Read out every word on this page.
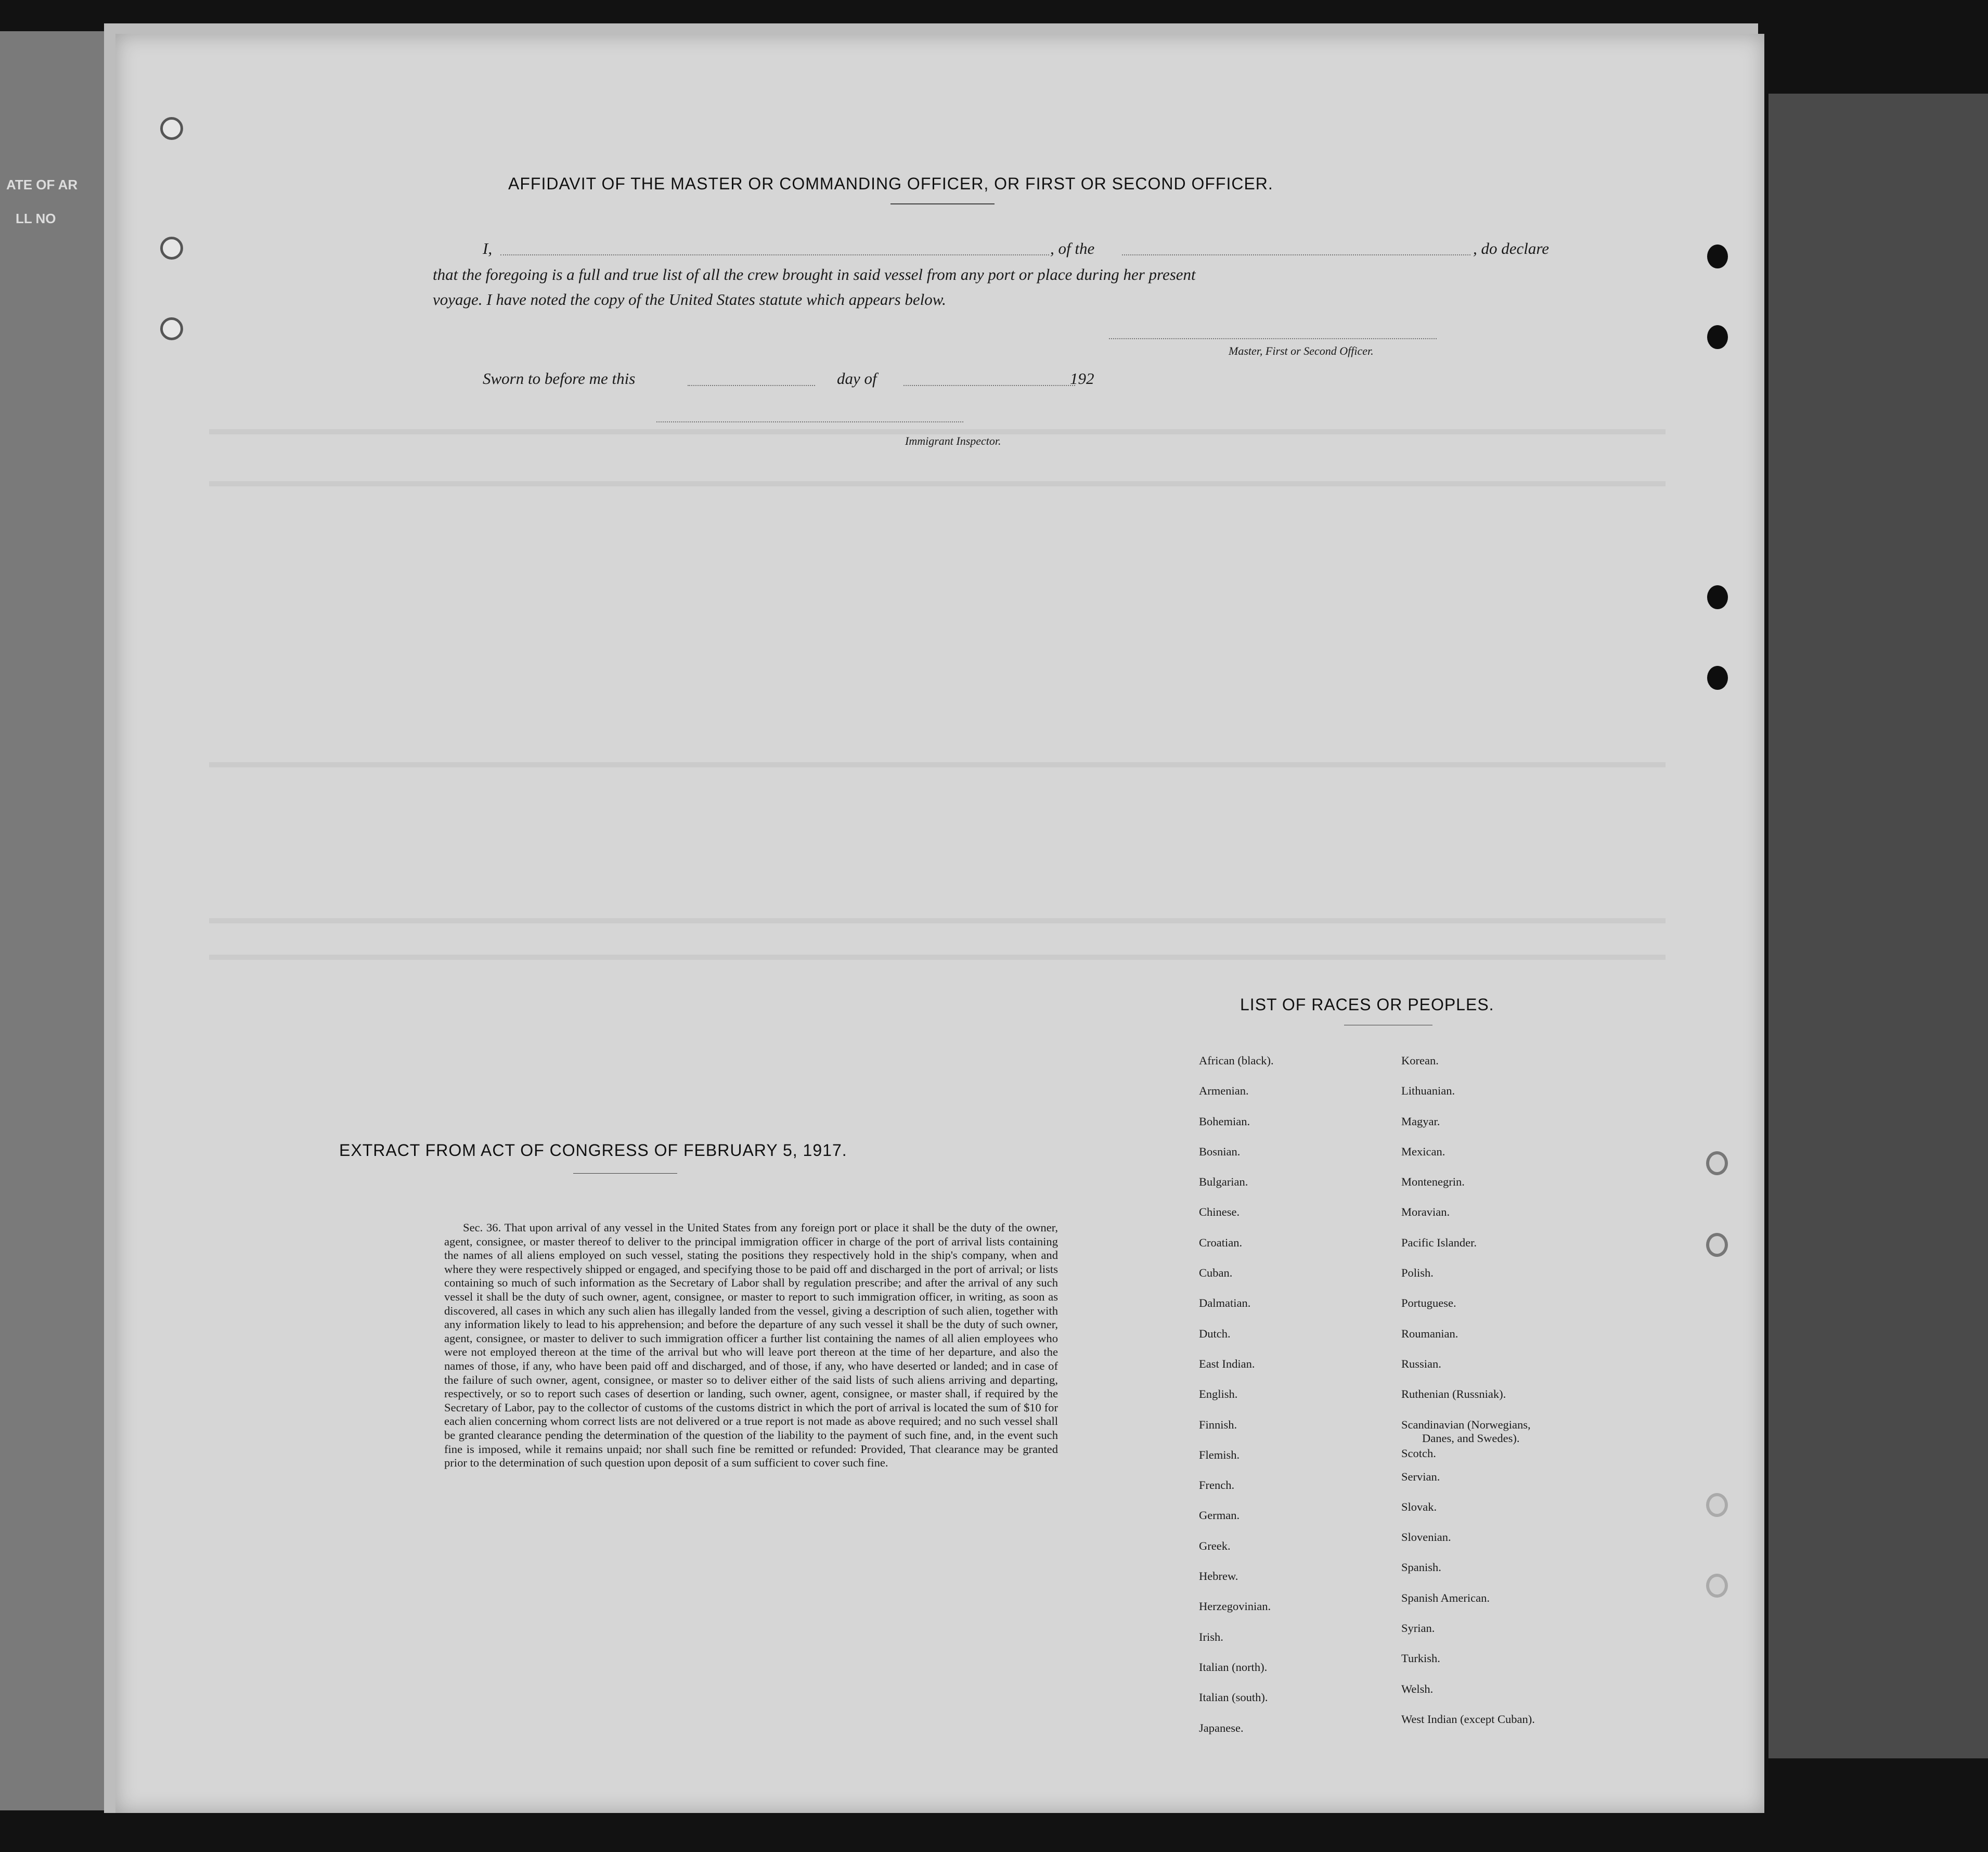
ATE OF AR
LL NO
AFFIDAVIT OF THE MASTER OR COMMANDING OFFICER, OR FIRST OR SECOND OFFICER.
I,	, of the	, do declare
that the foregoing is a full and true list of all the crew brought in said vessel from any port or place during her present
voyage. I have noted the copy of the United States statute which appears below.
Master, First or Second Officer.
Sworn to before me this	day of	192
Immigrant Inspector.
EXTRACT FROM ACT OF CONGRESS OF FEBRUARY 5, 1917.
Sec. 36. That upon arrival of any vessel in the United States from any foreign port or place it shall be the duty of the owner, agent, consignee, or master thereof to deliver to the principal immigration officer in charge of the port of arrival lists containing the names of all aliens employed on such vessel, stating the positions they respectively hold in the ship's company, when and where they were respectively shipped or engaged, and specifying those to be paid off and discharged in the port of arrival; or lists containing so much of such information as the Secretary of Labor shall by regulation prescribe; and after the arrival of any such vessel it shall be the duty of such owner, agent, consignee, or master to report to such immigration officer, in writing, as soon as discovered, all cases in which any such alien has illegally landed from the vessel, giving a description of such alien, together with any information likely to lead to his apprehension; and before the departure of any such vessel it shall be the duty of such owner, agent, consignee, or master to deliver to such immigration officer a further list containing the names of all alien employees who were not employed thereon at the time of the arrival but who will leave port thereon at the time of her departure, and also the names of those, if any, who have been paid off and discharged, and of those, if any, who have deserted or landed; and in case of the failure of such owner, agent, consignee, or master so to deliver either of the said lists of such aliens arriving and departing, respectively, or so to report such cases of desertion or landing, such owner, agent, consignee, or master shall, if required by the Secretary of Labor, pay to the collector of customs of the customs district in which the port of arrival is located the sum of $10 for each alien concerning whom correct lists are not delivered or a true report is not made as above required; and no such vessel shall be granted clearance pending the determination of the question of the liability to the payment of such fine, and, in the event such fine is imposed, while it remains unpaid; nor shall such fine be remitted or refunded: Provided, That clearance may be granted prior to the determination of such question upon deposit of a sum sufficient to cover such fine.
LIST OF RACES OR PEOPLES.
African (black).
Armenian.
Bohemian.
Bosnian.
Bulgarian.
Chinese.
Croatian.
Cuban.
Dalmatian.
Dutch.
East Indian.
English.
Finnish.
Flemish.
French.
German.
Greek.
Hebrew.
Herzegovinian.
Irish.
Italian (north).
Italian (south).
Japanese.
Korean.
Lithuanian.
Magyar.
Mexican.
Montenegrin.
Moravian.
Pacific Islander.
Polish.
Portuguese.
Roumanian.
Russian.
Ruthenian (Russniak).
Scandinavian (Norwegians,
Danes, and Swedes).
Scotch.
Servian.
Slovak.
Slovenian.
Spanish.
Spanish American.
Syrian.
Turkish.
Welsh.
West Indian (except Cuban).
